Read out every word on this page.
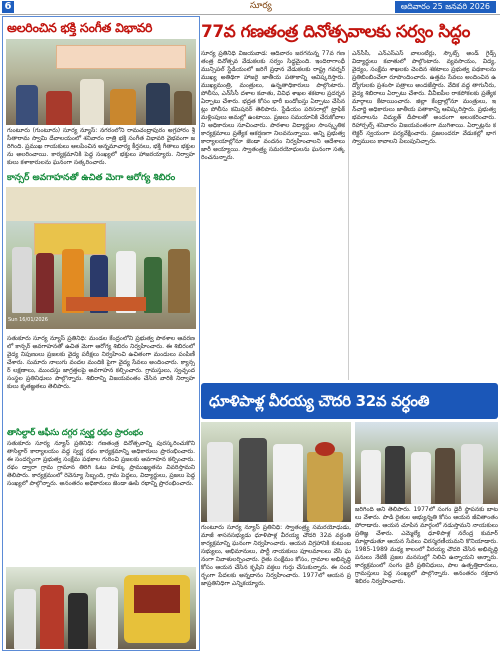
6	సూర్య	ఆదివారం 25 జనవరి 2026
అలరించిన భక్తి సంగీత విభావరి
గుంటూరు (గుంటూరు) సూర్య న్యూస్: నగరంలోని రామచంద్రాపురం అగ్రహారం శ్రీ సీతారామ స్వామి దేవాలయంలో శనివారం రాత్రి భక్తి సంగీత విభావరి వైభవంగా జరిగింది. ప్రముఖ గాయకులు ఆలపించిన అన్నమాచార్య కీర్తనలు, భక్తి గీతాలు భక్తులను అలరించాయి. కార్యక్రమానికి పెద్ద సంఖ్యలో భక్తులు హాజరయ్యారు. నిర్వాహకులు కళాకారులను ఘనంగా సత్కరించారు.
కాన్సర్ అవగాహనతో ఉచిత మెగా ఆరోగ్య శిబిరం
Sun 16/01/2026
సతుకూరు సూర్య న్యూస్ ప్రతినిధి: మండల కేంద్రంలోని ప్రభుత్వ పాఠశాల ఆవరణలో కాన్సర్ అవగాహనతో ఉచిత మెగా ఆరోగ్య శిబిరం నిర్వహించారు. ఈ శిబిరంలో వైద్య నిపుణులు ప్రజలకు వైద్య పరీక్షలు నిర్వహించి ఉచితంగా మందులు పంపిణీ చేశారు. సుమారు నాలుగు వందల మందికి పైగా వైద్య సేవలు అందించారు. క్యాన్సర్ లక్షణాలు, ముందస్తు జాగ్రత్తలపై అవగాహన కల్పించారు. గ్రామస్తులు, స్వచ్ఛంద సంస్థల ప్రతినిధులు పాల్గొన్నారు. శిబిరాన్ని విజయవంతం చేసిన వారికి నిర్వాహకులు కృతజ్ఞతలు తెలిపారు.
తాసిల్దార్ ఆఫీసు దగ్గర స్వర్ణ రథం ప్రారంభం
సతుకూరు సూర్య న్యూస్ ప్రతినిధి: గణతంత్ర దినోత్సవాన్ని పురస్కరించుకొని తాసిల్దార్ కార్యాలయం వద్ద స్వర్ణ రథం కార్యక్రమాన్ని అధికారులు ప్రారంభించారు. ఈ సందర్భంగా ప్రభుత్వ సంక్షేమ పథకాల గురించి ప్రజలకు అవగాహన కల్పించారు. రథం ద్వారా గ్రామ గ్రామాన తిరిగి ఓటు హక్కు ప్రాముఖ్యతను వివరిస్తామని తెలిపారు. కార్యక్రమంలో రెవెన్యూ సిబ్బంది, గ్రామ పెద్దలు, విద్యార్థులు, ప్రజలు పెద్ద సంఖ్యలో పాల్గొన్నారు. అనంతరం అధికారులు జెండా ఊపి రథాన్ని ప్రారంభించారు.
77వ గణతంత్ర దినోత్సవాలకు సర్వం సిద్ధం
సూర్య ప్రతినిధి విజయవాడ: ఆదివారం జరగనున్న 77వ గణతంత్ర దినోత్సవ వేడుకలకు సర్వం సిద్ధమైంది. ఇందిరాగాంధీ మున్సిపల్ స్టేడియంలో జరిగే ప్రధాన వేడుకలకు రాష్ట్ర గవర్నర్ ముఖ్య అతిథిగా హాజరై జాతీయ పతాకాన్ని ఆవిష్కరిస్తారు. ముఖ్యమంత్రి, మంత్రులు, ఉన్నతాధికారులు పాల్గొంటారు. పోలీసు, ఎన్‌సీసీ దళాల కవాతు, వివిధ శాఖల శకటాల ప్రదర్శన ఏర్పాటు చేశారు. భద్రత కోసం భారీ బందోబస్తు ఏర్పాటు చేసినట్లు పోలీసు కమిషనర్ తెలిపారు. స్టేడియం పరిసరాల్లో ట్రాఫిక్ మళ్లింపులు అమల్లో ఉంటాయి. ప్రజలు సమయానికి చేరుకోవాలని అధికారులు సూచించారు. పాఠశాల విద్యార్థుల సాంస్కృతిక కార్యక్రమాలు ప్రత్యేక ఆకర్షణగా నిలవనున్నాయి. అన్ని ప్రభుత్వ కార్యాలయాల్లోనూ జెండా వందనం నిర్వహించాలని ఆదేశాలు జారీ అయ్యాయి. స్వాతంత్ర్య సమరయోధులను ఘనంగా సత్కరించనున్నారు.
ఎన్‌సీసీ, ఎన్‌ఎస్‌ఎస్ వాలంటీర్లు, స్కౌట్స్ అండ్ గైడ్స్ విద్యార్థులు కవాతులో పాల్గొంటారు. వ్యవసాయం, విద్య, వైద్యం, సంక్షేమ శాఖలకు చెందిన శకటాలు ప్రభుత్వ పథకాలను ప్రతిబింబించేలా రూపొందించారు. ఉత్తమ సేవలు అందించిన ఉద్యోగులకు ప్రశంసా పత్రాలు అందజేస్తారు. వేదిక వద్ద తాగునీరు, వైద్య శిబిరాలు ఏర్పాటు చేశారు. వీవీఐపీల రాకపోకలకు ప్రత్యేక మార్గాలు కేటాయించారు. జిల్లా కేంద్రాల్లోనూ మంత్రులు, ఇన్‌చార్జి అధికారులు జాతీయ పతాకాన్ని ఆవిష్కరిస్తారు. ప్రభుత్వ భవనాలను విద్యుత్ దీపాలతో అందంగా అలంకరించారు. రిహార్సల్స్ శనివారం విజయవంతంగా ముగిశాయి. ఏర్పాట్లను కలెక్టర్ స్వయంగా పర్యవేక్షించారు. ప్రజలందరూ వేడుకల్లో భాగస్వాములు కావాలని పిలుపునిచ్చారు.
ధూళిపాళ్ల వీరయ్య చౌదరి 32వ వర్ధంతి
గుంటూరు సూర్య న్యూస్ ప్రతినిధి: స్వాతంత్ర్య సమరయోధుడు, మాజీ శాసనసభ్యుడు ధూళిపాళ్ల వీరయ్య చౌదరి 32వ వర్ధంతి కార్యక్రమాన్ని ఘనంగా నిర్వహించారు. ఆయన విగ్రహానికి కుటుంబ సభ్యులు, అభిమానులు, పార్టీ నాయకులు పూలమాలలు వేసి ఘనంగా నివాళులర్పించారు. రైతు సంక్షేమం కోసం, గ్రామాల అభివృద్ధి కోసం ఆయన చేసిన కృషిని వక్తలు గుర్తు చేసుకున్నారు. ఈ సందర్భంగా పేదలకు అన్నదానం నిర్వహించారు. 1977లో ఆయన ప్రజాప్రతినిధిగా ఎన్నికయ్యారు.
జరిగింది అని తెలిపారు. 1977లో సంగం డైరీ స్థాపనకు బాటలు వేశారు. పాడి రైతుల అభ్యున్నతి కోసం ఆయన జీవితాంతం పోరాడారు. ఆయన చూపిన మార్గంలో నడుస్తామని నాయకులు ప్రతిజ్ఞ చేశారు. ఎమ్మెల్యే ధూళిపాళ్ల నరేంద్ర కుమార్ మాట్లాడుతూ ఆయన సేవలు చిరస్మరణీయమని కొనియాడారు. 1985-1989 మధ్య కాలంలో వీరయ్య చౌదరి చేసిన అభివృద్ధి పనులు నేటికీ ప్రజల మనసుల్లో నిలిచి ఉన్నాయని అన్నారు. కార్యక్రమంలో సంగం డైరీ ప్రతినిధులు, పాల ఉత్పత్తిదారులు, గ్రామస్తులు పెద్ద సంఖ్యలో పాల్గొన్నారు. అనంతరం రక్తదాన శిబిరం నిర్వహించారు.
